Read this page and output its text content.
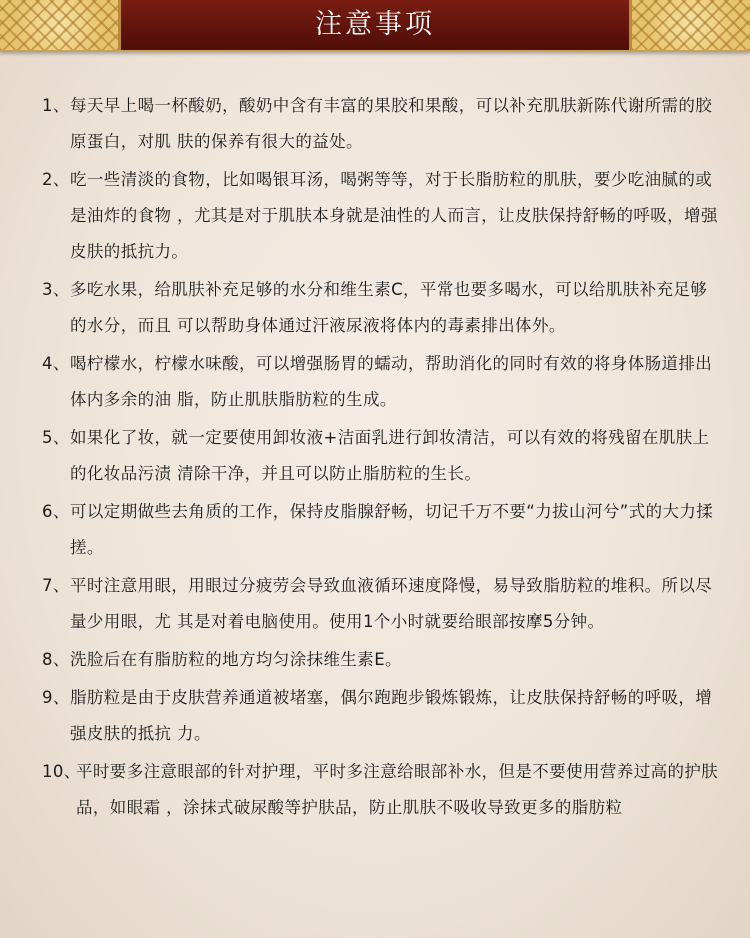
注意事项
1、 每天早上喝一杯酸奶，酸奶中含有丰富的果胶和果酸，可以补充肌肤新陈代谢所需的胶原蛋白，对肌 肤的保养有很大的益处。
2、 吃一些清淡的食物，比如喝银耳汤，喝粥等等，对于长脂肪粒的肌肤，要少吃油腻的或是油炸的食物 ，尤其是对于肌肤本身就是油性的人而言，让皮肤保持舒畅的呼吸，增强皮肤的抵抗力。
3、 多吃水果，给肌肤补充足够的水分和维生素C，平常也要多喝水，可以给肌肤补充足够的水分，而且 可以帮助身体通过汗液尿液将体内的毒素排出体外。
4、 喝柠檬水，柠檬水味酸，可以增强肠胃的蠕动，帮助消化的同时有效的将身体肠道排出体内多余的油 脂，防止肌肤脂肪粒的生成。
5、 如果化了妆，就一定要使用卸妆液+洁面乳进行卸妆清洁，可以有效的将残留在肌肤上的化妆品污渍 清除干净，并且可以防止脂肪粒的生长。
6、 可以定期做些去角质的工作，保持皮脂腺舒畅，切记千万不要“力拔山河兮”式的大力揉搓。
7、 平时注意用眼，用眼过分疲劳会导致血液循环速度降慢，易导致脂肪粒的堆积。所以尽量少用眼，尤 其是对着电脑使用。使用1个小时就要给眼部按摩5分钟。
8、 洗脸后在有脂肪粒的地方均匀涂抹维生素E。
9、 脂肪粒是由于皮肤营养通道被堵塞，偶尔跑跑步锻炼锻炼，让皮肤保持舒畅的呼吸，增强皮肤的抵抗 力。
10、
平时要多注意眼部的针对护理，平时多注意给眼部补水，但是不要使用营养过高的护肤品，如眼霜 ，涂抹式破尿酸等护肤品，防止肌肤不吸收导致更多的脂肪粒
